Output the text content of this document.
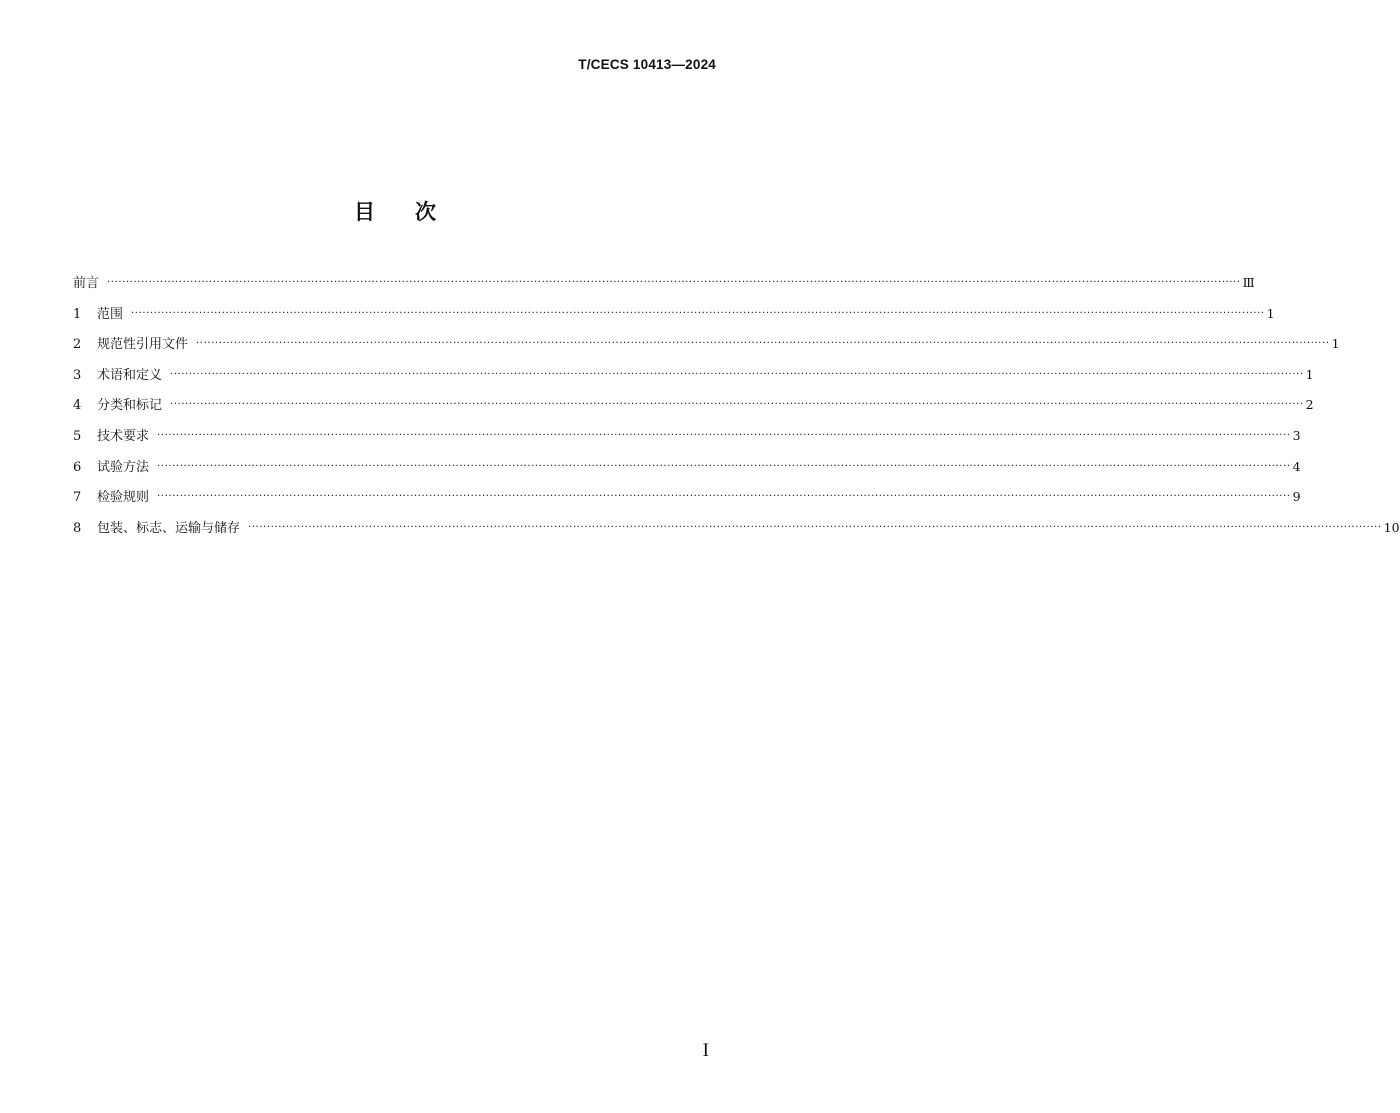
T/CECS 10413—2024
目 次
前言 ············································································································································································································································································································ Ⅲ
1	范围 ············································································································································································································································································································ 1
2	规范性引用文件 ············································································································································································································································································································ 1
3	术语和定义 ············································································································································································································································································································ 1
4	分类和标记 ············································································································································································································································································································ 2
5	技术要求 ············································································································································································································································································································ 3
6	试验方法 ············································································································································································································································································································ 4
7	检验规则 ············································································································································································································································································································ 9
8	包装、标志、运输与储存 ············································································································································································································································································································ 10
I
